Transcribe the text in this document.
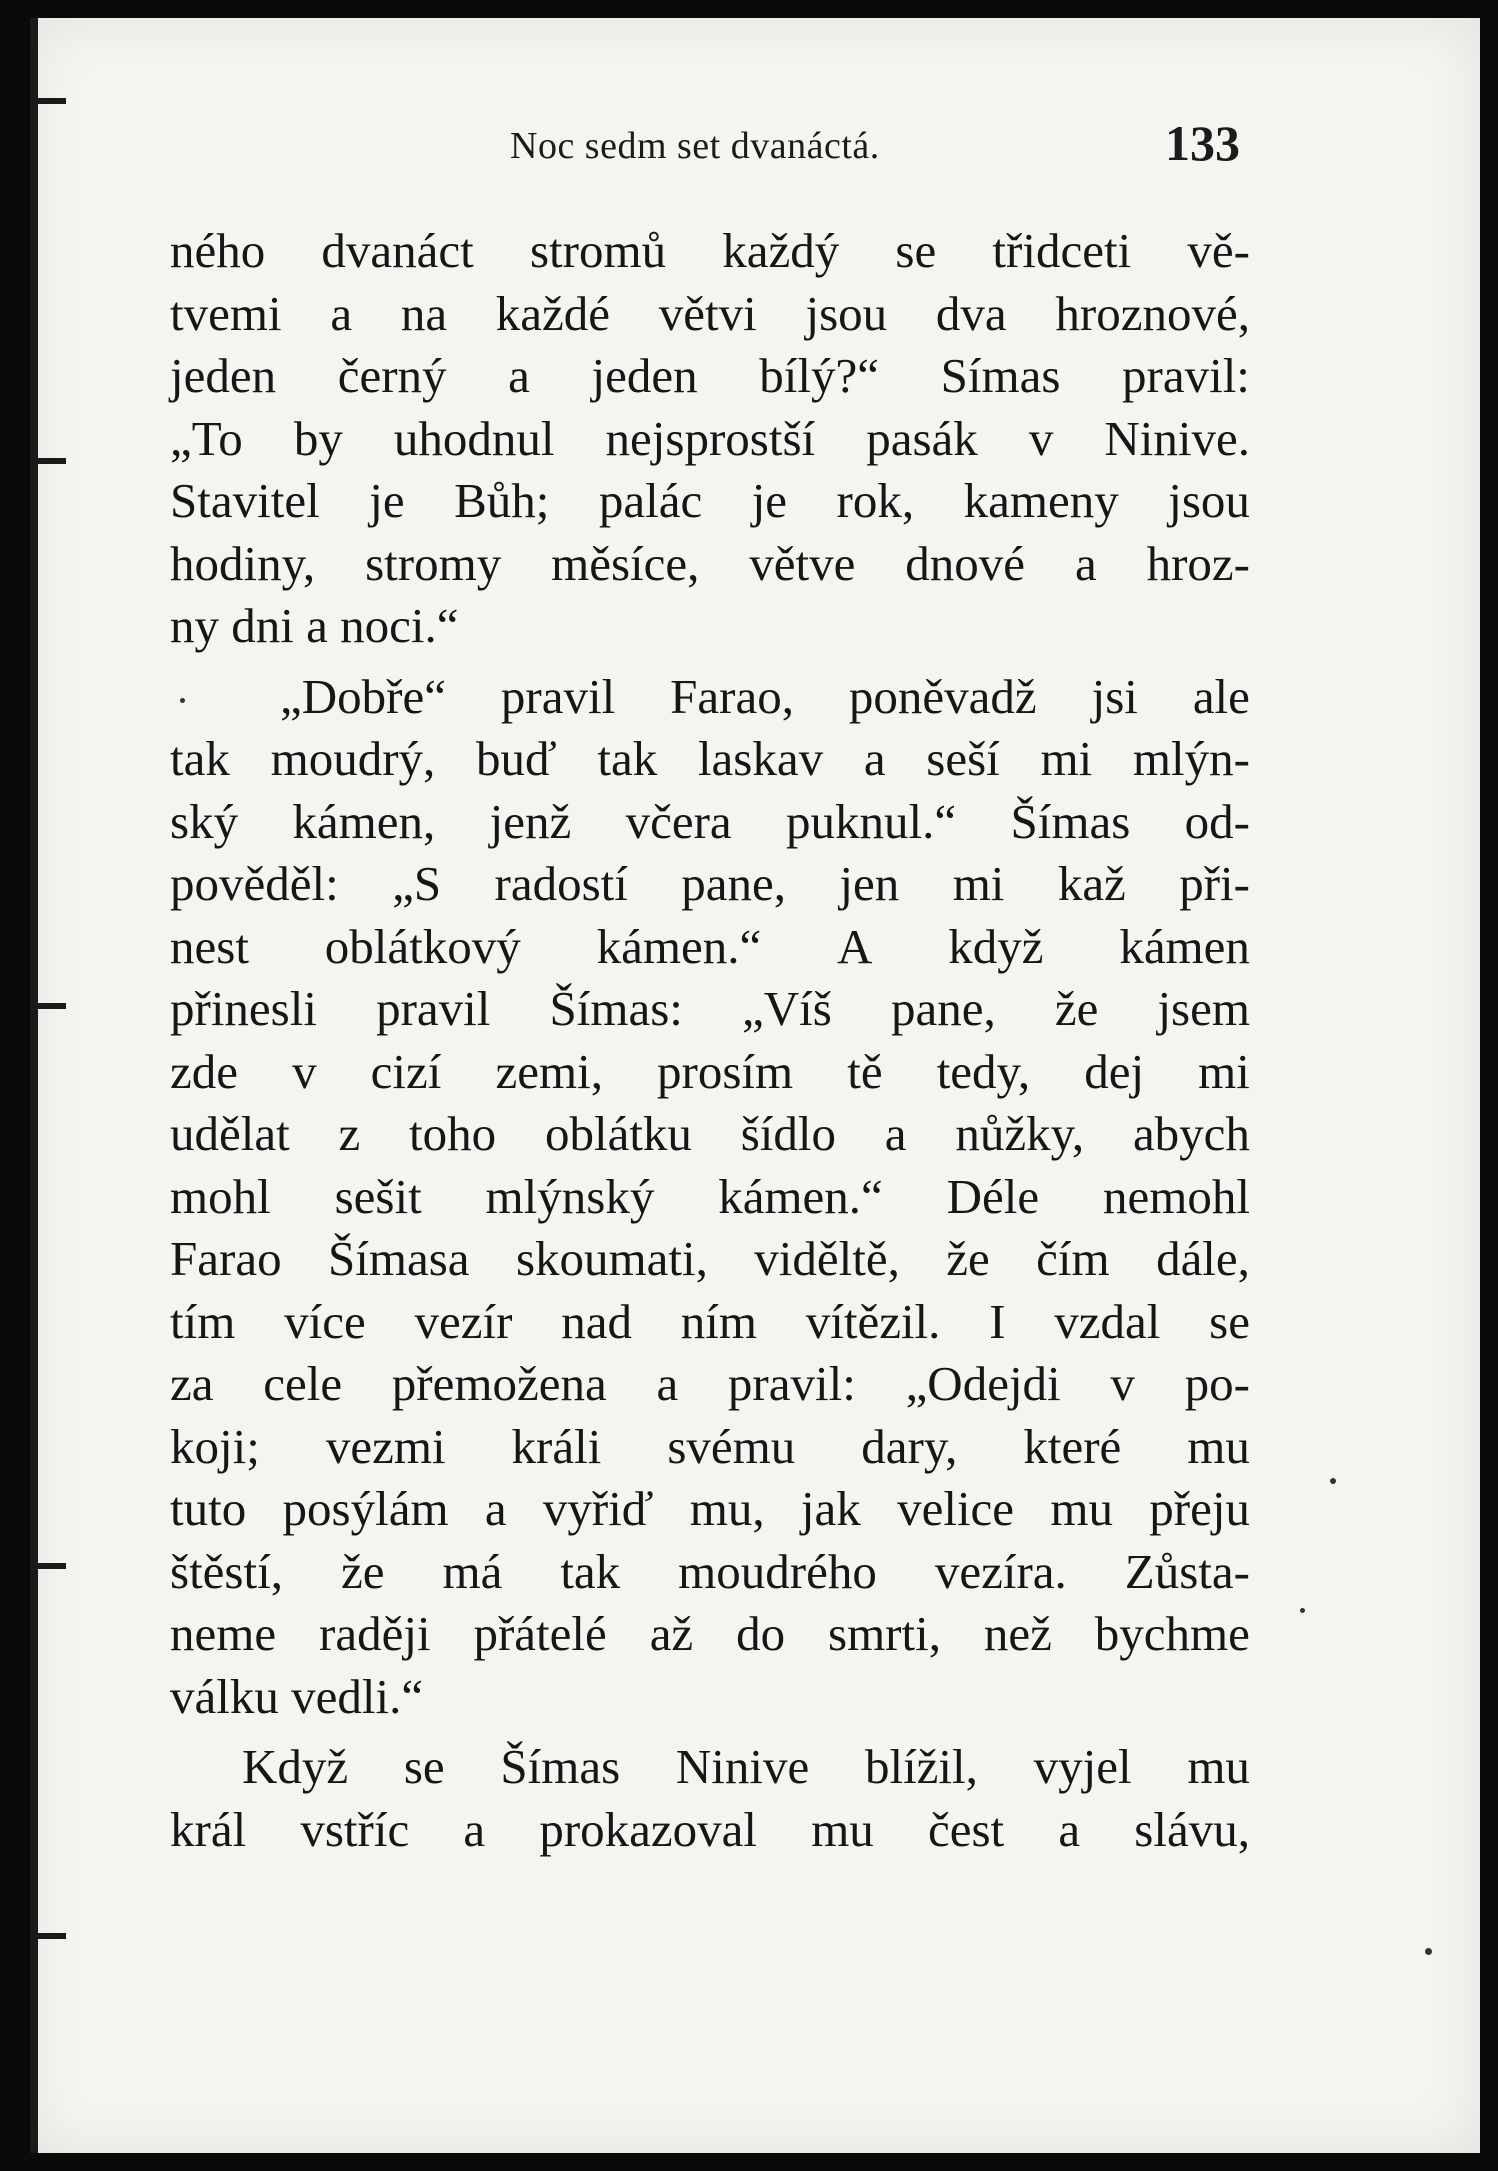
Noc sedm set dvanáctá.	133
ného dvanáct stromů každý se třidceti vě-
tvemi a na každé větvi jsou dva hroznové,
jeden černý a jeden bílý?“ Símas pravil:
„To by uhodnul nejsprostší pasák v Ninive.
Stavitel je Bůh; palác je rok, kameny jsou
hodiny, stromy měsíce, větve dnové a hroz-
ny dni a noci.“
„Dobře“ pravil Farao, poněvadž jsi ale
tak moudrý, buď tak laskav a seší mi mlýn-
ský kámen, jenž včera puknul.“ Šímas od-
pověděl: „S radostí pane, jen mi kaž při-
nest oblátkový kámen.“ A když kámen
přinesli pravil Šímas: „Víš pane, že jsem
zde v cizí zemi, prosím tě tedy, dej mi
udělat z toho oblátku šídlo a nůžky, abych
mohl sešit mlýnský kámen.“ Déle nemohl
Farao Šímasa skoumati, viděltě, že čím dále,
tím více vezír nad ním vítězil. I vzdal se
za cele přemožena a pravil: „Odejdi v po-
koji; vezmi králi svému dary, které mu
tuto posýlám a vyřiď mu, jak velice mu přeju
štěstí, že má tak moudrého vezíra. Zůsta-
neme raději přátelé až do smrti, než bychme
válku vedli.“
Když se Šímas Ninive blížil, vyjel mu
král vstříc a prokazoval mu čest a slávu,
